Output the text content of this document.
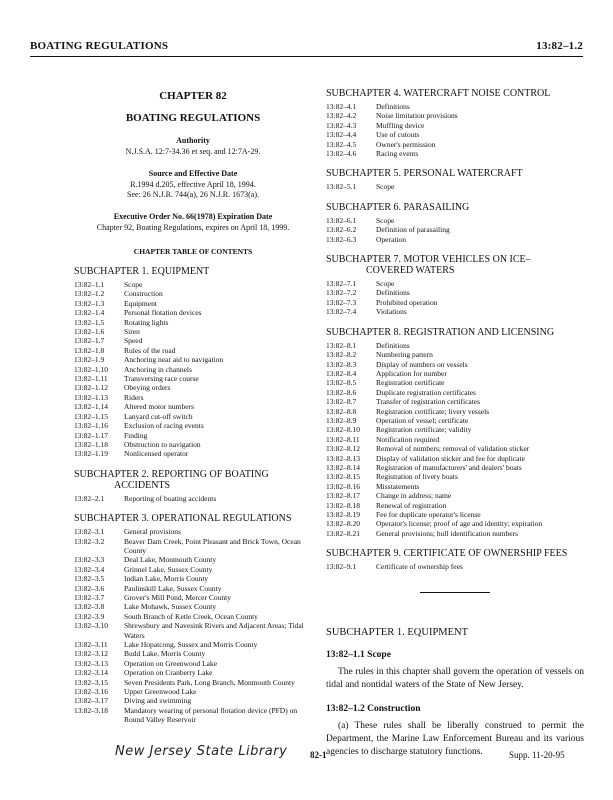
BOATING REGULATIONS	13:82–1.2
CHAPTER 82
BOATING REGULATIONS
Authority
N.J.S.A. 12:7-34.36 et seq. and 12:7A-29.
Source and Effective Date
R.1994 d.205, effective April 18, 1994.
See: 26 N.J.R. 744(a), 26 N.J.R. 1673(a).
Executive Order No. 66(1978) Expiration Date
Chapter 92, Boating Regulations, expires on April 18, 1999.
CHAPTER TABLE OF CONTENTS
SUBCHAPTER 1. EQUIPMENT
13:82–1.1	Scope
13:82–1.2	Construction
13:82–1.3	Equipment
13:82–1.4	Personal flotation devices
13:82–1.5	Rotating lights
13:82–1.6	Siren
13:82–1.7	Speed
13:82–1.8	Rules of the road
13:82–1.9	Anchoring near aid to navigation
13:82–1.10	Anchoring in channels
13:82–1.11	Transversing race course
13:82–1.12	Obeying orders
13:82–1.13	Riders
13:82–1.14	Altered motor numbers
13:82–1.15	Lanyard cut-off switch
13:82–1.16	Exclusion of racing events
13:82–1.17	Finding
13:82–1.18	Obstruction to navigation
13:82–1.19	Nonlicensed operator
SUBCHAPTER 2. REPORTING OF BOATING
ACCIDENTS
13:82–2.1	Reporting of boating accidents
SUBCHAPTER 3. OPERATIONAL REGULATIONS
13:82–3.1	General provisions
13:82–3.2	Beaver Dam Creek, Point Pleasant and Brick Town, Ocean County
13:82–3.3	Deal Lake, Monmouth County
13:82–3.4	Grinnel Lake, Sussex County
13:82–3.5	Indian Lake, Morris County
13:82–3.6	Paulinskill Lake, Sussex County
13:82–3.7	Grover's Mill Pond, Mercer County
13:82–3.8	Lake Mohawk, Sussex County
13:82–3.9	South Branch of Ketle Creek, Ocean County
13:82–3.10	Shrewsbury and Navesink Rivers and Adjacent Areas; Tidal Waters
13:82–3.11	Lake Hopatcong, Sussex and Morris County
13:82–3.12	Budd Lake, Morris County
13:82–3.13	Operation on Greenwood Lake
13:82–3.14	Operation on Cranberry Lake
13:82–3.15	Seven Presidents Park, Long Branch, Monmouth County
13:82–3.16	Upper Greenwood Lake
13:82–3.17	Diving and swimming
13:82–3.18	Mandatory wearing of personal flotation device (PFD) on Round Valley Reservoir
SUBCHAPTER 4. WATERCRAFT NOISE CONTROL
13:82–4.1	Definitions
13:82–4.2	Noise limitation provisions
13:82–4.3	Muffling device
13:82–4.4	Use of cutouts
13:82–4.5	Owner's permission
13:82–4.6	Racing events
SUBCHAPTER 5. PERSONAL WATERCRAFT
13:82–5.1	Scope
SUBCHAPTER 6. PARASAILING
13:82–6.1	Scope
13:82–6.2	Definition of parasailing
13:82–6.3	Operation
SUBCHAPTER 7. MOTOR VEHICLES ON ICE–
COVERED WATERS
13:82–7.1	Scope
13:82–7.2	Definitions
13:82–7.3	Prohibited operation
13:82–7.4	Violations
SUBCHAPTER 8. REGISTRATION AND LICENSING
13:82–8.1	Definitions
13:82–8.2	Numbering pattern
13:82–8.3	Display of numbers on vessels
13:82–8.4	Application for number
13:82–8.5	Registration certificate
13:82–8.6	Duplicate registration certificates
13:82–8.7	Transfer of registration certificates
13:82–8.8	Registration certificate; livery vessels
13:82–8.9	Operation of vessel; certificate
13:82–8.10	Registration certificate; validity
13:82–8.11	Notification required
13:82–8.12	Removal of numbers; removal of validation sticker
13:82–8.13	Display of validation sticker and fee for duplicate
13:82–8.14	Registration of manufacturers' and dealers' boats
13:82–8.15	Registration of livery boats
13:82–8.16	Misstatements
13:82–8.17	Change in address; name
13:82–8.18	Renewal of registration
13:82–8.19	Fee for duplicate operator's license
13:82–8.20	Operator's license; proof of age and identity; expiration
13:82–8.21	General provisions; hull identification numbers
SUBCHAPTER 9. CERTIFICATE OF OWNERSHIP FEES
13:82–9.1	Certificate of ownership fees
SUBCHAPTER 1. EQUIPMENT
13:82–1.1 Scope
The rules in this chapter shall govern the operation of vessels on tidal and nontidal waters of the State of New Jersey.
13:82–1.2 Construction
(a) These rules shall be liberally construed to permit the Department, the Marine Law Enforcement Bureau and its various agencies to discharge statutory functions.
New Jersey State Library	82-1	Supp. 11-20-95
